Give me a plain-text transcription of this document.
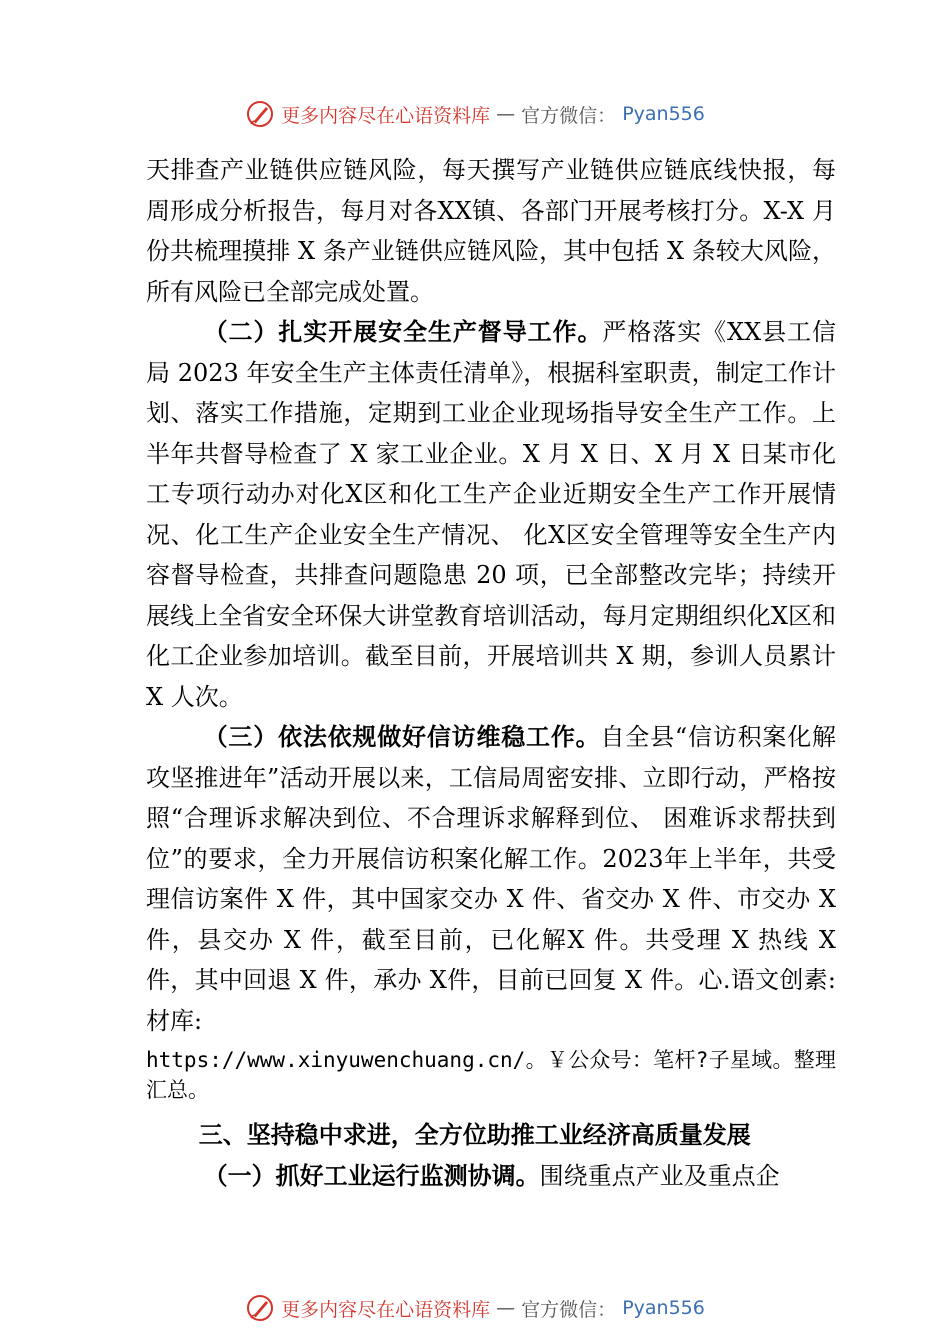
更多内容尽在心语资料库 — 官方微信： Pyan556

天排查产业链供应链风险，每天撰写产业链供应链底线快报，每周形成分析报告，每月对各XX镇、各部门开展考核打分。X-X 月份共梳理摸排 X 条产业链供应链风险，其中包括 X 条较大风险，所有风险已全部完成处置。

（二）扎实开展安全生产督导工作。严格落实《XX县工信局 2023 年安全生产主体责任清单》，根据科室职责，制定工作计划、落实工作措施，定期到工业企业现场指导安全生产工作。上半年共督导检查了 X 家工业企业。X 月 X 日、X 月 X 日某市化工专项行动办对化X区和化工生产企业近期安全生产工作开展情况、化工生产企业安全生产情况、 化X区安全管理等安全生产内容督导检查，共排查问题隐患 20 项，已全部整改完毕；持续开展线上全省安全环保大讲堂教育培训活动，每月定期组织化X区和化工企业参加培训。截至目前，开展培训共 X 期，参训人员累计 X 人次。

（三）依法依规做好信访维稳工作。自全县“信访积案化解攻坚推进年”活动开展以来，工信局周密安排、立即行动，严格按照“合理诉求解决到位、不合理诉求解释到位、 困难诉求帮扶到位”的要求，全力开展信访积案化解工作。2023年上半年，共受理信访案件 X 件，其中国家交办 X 件、省交办 X 件、市交办 X 件，县交办 X 件，截至目前，已化解X 件。共受理 X 热线 X 件，其中回退 X 件，承办 X件，目前已回复 X 件。心.语文创素:材库:

https://www.xinyuwenchuang.cn/。￥公众号：笔杆?子星域。整理汇总。

三、坚持稳中求进，全方位助推工业经济高质量发展

（一）抓好工业运行监测协调。围绕重点产业及重点企

更多内容尽在心语资料库 — 官方微信： Pyan556
